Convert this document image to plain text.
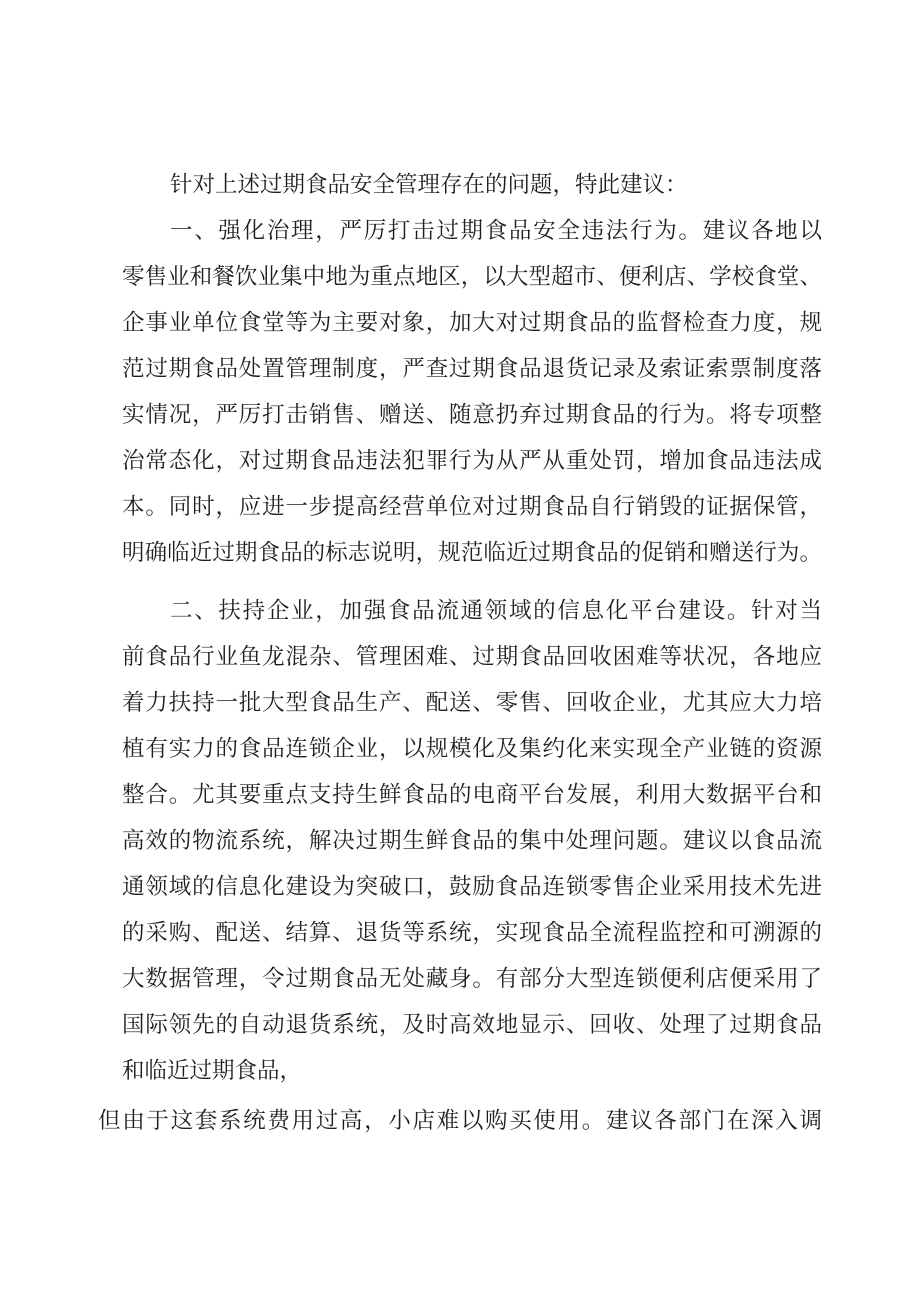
针对上述过期食品安全管理存在的问题，特此建议：

一、强化治理，严厉打击过期食品安全违法行为。建议各地以

零售业和餐饮业集中地为重点地区，以大型超市、便利店、学校食堂、

企事业单位食堂等为主要对象，加大对过期食品的监督检查力度，规

范过期食品处置管理制度，严查过期食品退货记录及索证索票制度落

实情况，严厉打击销售、赠送、随意扔弃过期食品的行为。将专项整

治常态化，对过期食品违法犯罪行为从严从重处罚，增加食品违法成

本。同时，应进一步提高经营单位对过期食品自行销毁的证据保管，

明确临近过期食品的标志说明，规范临近过期食品的促销和赠送行为。

二、扶持企业，加强食品流通领域的信息化平台建设。针对当

前食品行业鱼龙混杂、管理困难、过期食品回收困难等状况，各地应

着力扶持一批大型食品生产、配送、零售、回收企业，尤其应大力培

植有实力的食品连锁企业，以规模化及集约化来实现全产业链的资源

整合。尤其要重点支持生鲜食品的电商平台发展，利用大数据平台和

高效的物流系统，解决过期生鲜食品的集中处理问题。建议以食品流

通领域的信息化建设为突破口，鼓励食品连锁零售企业采用技术先进

的采购、配送、结算、退货等系统，实现食品全流程监控和可溯源的

大数据管理，令过期食品无处藏身。有部分大型连锁便利店便采用了

国际领先的自动退货系统，及时高效地显示、回收、处理了过期食品

和临近过期食品，

但由于这套系统费用过高，小店难以购买使用。建议各部门在深入调
